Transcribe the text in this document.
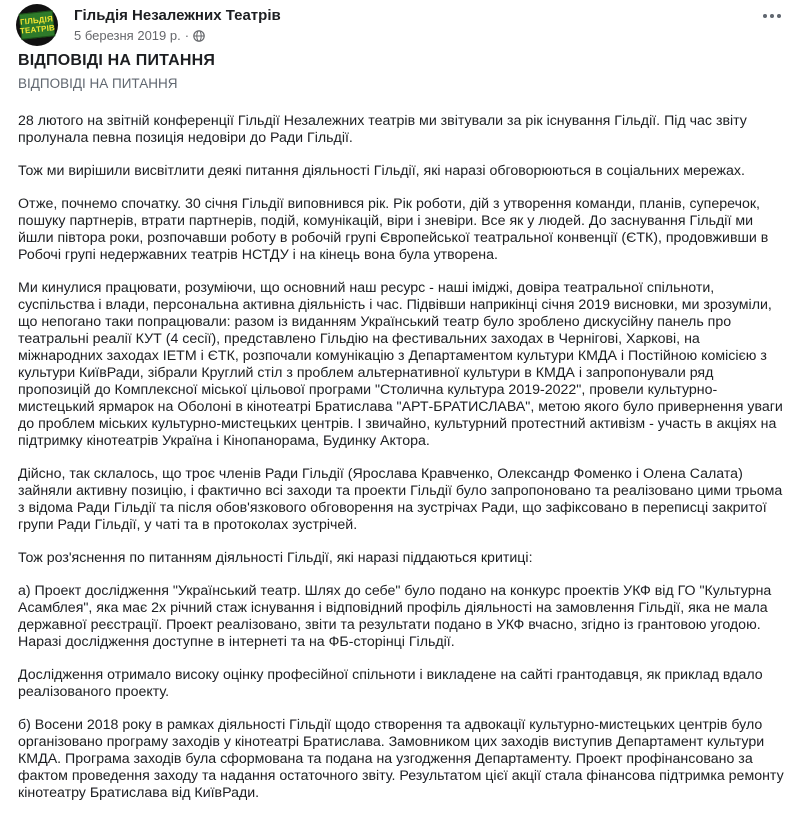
ГІЛЬДІЯ
ТЕАТРІВ
Гільдія Незалежних Театрів
5 березня 2019 р. ·
ВІДПОВІДІ НА ПИТАННЯ
ВІДПОВІДІ НА ПИТАННЯ

28 лютого на звітній конференції Гільдії Незалежних театрів ми звітували за рік існування Гільдії. Під час звіту пролунала певна позиція недовіри до Ради Гільдії.

Тож ми вирішили висвітлити деякі питання діяльності Гільдії, які наразі обговорюються в соціальних мережах.

Отже, почнемо спочатку. 30 січня Гільдії виповнився рік. Рік роботи, дій з утворення команди, планів, суперечок, пошуку партнерів, втрати партнерів, подій, комунікацій, віри і зневіри. Все як у людей. До заснування Гільдії ми йшли півтора роки, розпочавши роботу в робочій групі Європейської театральної конвенції (ЄТК), продовживши в Робочі групі недержавних театрів НСТДУ і на кінець вона була утворена.

Ми кинулися працювати, розуміючи, що основний наш ресурс - наші іміджі, довіра театральної спільноти, суспільства і влади, персональна активна діяльність і час. Підвівши наприкінці січня 2019 висновки, ми зрозуміли, що непогано таки попрацювали: разом із виданням Український театр було зроблено дискусійну панель про театральні реалії КУТ (4 сесії), представлено Гільдію на фестивальних заходах в Чернігові, Харкові, на міжнародних заходах ІЕТМ і ЄТК, розпочали комунікацію з Департаментом культури КМДА і Постійною комісією з культури КиївРади, зібрали Круглий стіл з проблем альтернативної культури в КМДА і запропонували ряд пропозицій до Комплексної міської цільової програми "Столична культура 2019-2022", провели культурно-мистецький ярмарок на Оболоні в кінотеатрі Братислава "АРТ-БРАТИСЛАВА", метою якого було привернення уваги до проблем міських культурно-мистецьких центрів. І звичайно, культурний протестний активізм - участь в акціях на підтримку кінотеатрів Україна і Кінопанорама, Будинку Актора.

Дійсно, так склалось, що троє членів Ради Гільдії (Ярослава Кравченко, Олександр Фоменко і Олена Салата) зайняли активну позицію, і фактично всі заходи та проекти Гільдії було запропоновано та реалізовано цими трьома з відома Ради Гільдії та після обов'язкового обговорення на зустрічах Ради, що зафіксовано в переписці закритої групи Ради Гільдії, у чаті та в протоколах зустрічей.

Тож роз'яснення по питанням діяльності Гільдії, які наразі піддаються критиці:

а) Проект дослідження "Український театр. Шлях до себе" було подано на конкурс проектів УКФ від ГО "Культурна Асамблея", яка має 2х річний стаж існування і відповідний профіль діяльності на замовлення Гільдії, яка не мала державної реєстрації. Проект реалізовано, звіти та результати подано в УКФ вчасно, згідно із грантовою угодою. Наразі дослідження доступне в інтернеті та на ФБ-сторінці Гільдії.

Дослідження отримало високу оцінку професійної спільноти і викладене на сайті грантодавця, як приклад вдало реалізованого проекту.

б) Восени 2018 року в рамках діяльності Гільдії щодо створення та адвокації культурно-мистецьких центрів було організовано програму заходів у кінотеатрі Братислава. Замовником цих заходів виступив Департамент культури КМДА. Програма заходів була сформована та подана на узгодження Департаменту. Проект профінансовано за фактом проведення заходу та надання остаточного звіту. Результатом цієї акції стала фінансова підтримка ремонту кінотеатру Братислава від КиївРади.
